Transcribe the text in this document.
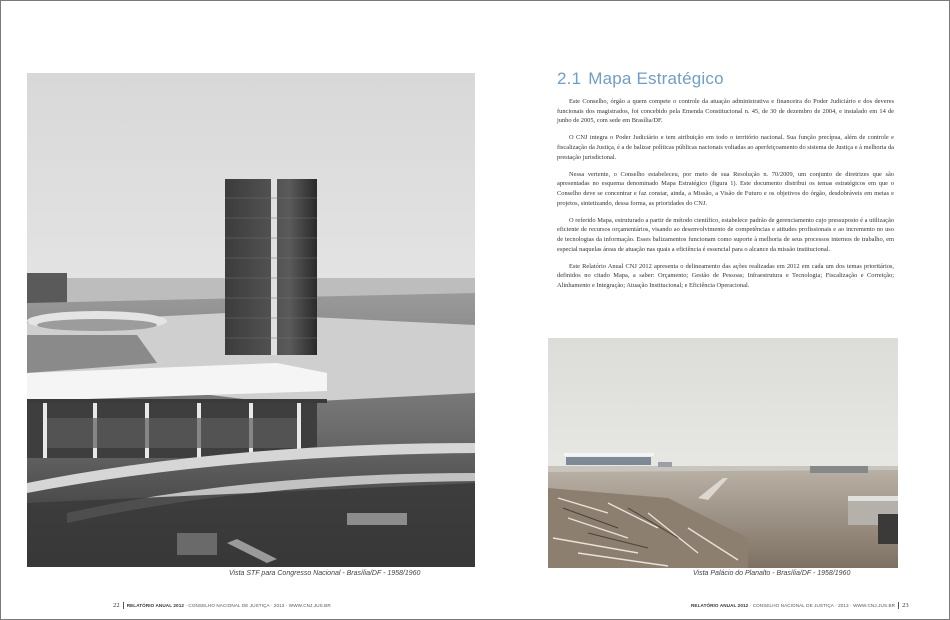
Vista STF para Congresso Nacional - Brasília/DF - 1958/1960
2.1 Mapa Estratégico

Este Conselho, órgão a quem compete o controle da atuação administrativa e financeira do Poder Judiciário e dos deveres funcionais dos magistrados, foi concebido pela Emenda Constitucional n. 45, de 30 de dezembro de 2004, e instalado em 14 de junho de 2005, com sede em Brasília/DF.

O CNJ integra o Poder Judiciário e tem atribuição em todo o território nacional. Sua função precípua, além de controle e fiscalização da Justiça, é a de balizar políticas públicas nacionais voltadas ao aperfeiçoamento do sistema de Justiça e à melhoria da prestação jurisdicional.

Nessa vertente, o Conselho estabeleceu, por meio de sua Resolução n. 70/2009, um conjunto de diretrizes que são apresentadas no esquema denominado Mapa Estratégico (figura 1). Este documento distribui os temas estratégicos em que o Conselho deve se concentrar e faz constar, ainda, a Missão, a Visão de Futuro e os objetivos do órgão, desdobráveis em metas e projetos, sintetizando, dessa forma, as prioridades do CNJ.

O referido Mapa, estruturado a partir de método científico, estabelece padrão de gerenciamento cujo pressuposto é a utilização eficiente de recursos orçamentários, visando ao desenvolvimento de competências e atitudes profissionais e ao incremento no uso de tecnologias da informação. Esses balizamentos funcionam como suporte à melhoria de seus processos internos de trabalho, em especial naquelas áreas de atuação nas quais a eficiência é essencial para o alcance da missão institucional.

Este Relatório Anual CNJ 2012 apresenta o delineamento das ações realizadas em 2012 em cada um dos temas prioritários, definidos no citado Mapa, a saber: Orçamento; Gestão de Pessoas; Infraestrutura e Tecnologia; Fiscalização e Correição; Alinhamento e Integração; Atuação Institucional; e Eficiência Operacional.

Vista Palácio do Planalto - Brasília/DF - 1958/1960
22 RELATÓRIO ANUAL 2012 · CONSELHO NACIONAL DE JUSTIÇA · 2013 · WWW.CNJ.JUS.BR	RELATÓRIO ANUAL 2012 · CONSELHO NACIONAL DE JUSTIÇA · 2013 · WWW.CNJ.JUS.BR 23
